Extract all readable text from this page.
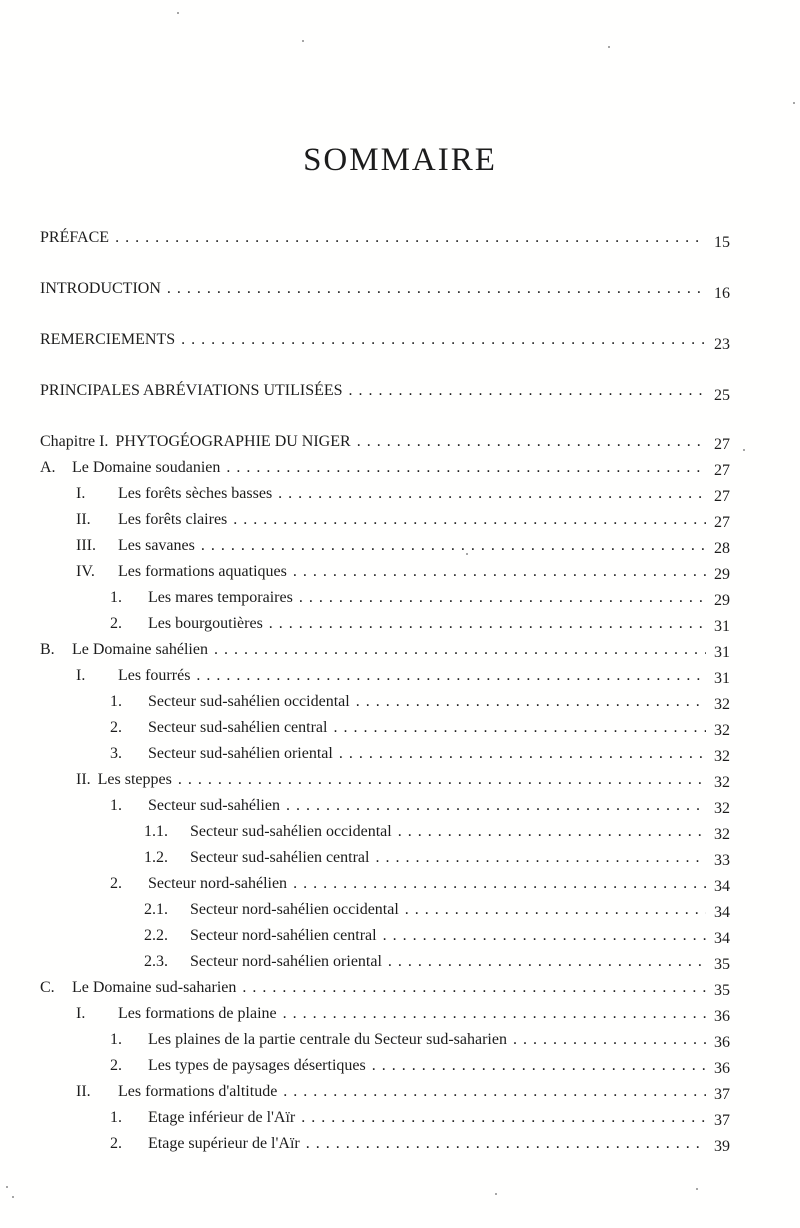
SOMMAIRE
PRÉFACE . . .	15
INTRODUCTION . . .	16
REMERCIEMENTS . . .	23
PRINCIPALES ABRÉVIATIONS UTILISÉES . . .	25
Chapitre I. PHYTOGÉOGRAPHIE DU NIGER . . .	27
A.	Le Domaine soudanien . . .	27
I.	Les forêts sèches basses . . .	27
II.	Les forêts claires . . .	27
III.	Les savanes . . .	28
IV.	Les formations aquatiques . . .	29
1.	Les mares temporaires . . .	29
2.	Les bourgoutières . . .	31
B.	Le Domaine sahélien . . .	31
I.	Les fourrés . . .	31
1.	Secteur sud-sahélien occidental . . .	32
2.	Secteur sud-sahélien central . . .	32
3.	Secteur sud-sahélien oriental . . .	32
II. Les steppes . . .	32
1.	Secteur sud-sahélien . . .	32
1.1.	Secteur sud-sahélien occidental . . .	32
1.2.	Secteur sud-sahélien central . . .	33
2.	Secteur nord-sahélien . . .	34
2.1.	Secteur nord-sahélien occidental . . .	34
2.2.	Secteur nord-sahélien central . . .	34
2.3.	Secteur nord-sahélien oriental . . .	35
C.	Le Domaine sud-saharien . . .	35
I.	Les formations de plaine . . .	36
1.	Les plaines de la partie centrale du Secteur sud-saharien . . .	36
2.	Les types de paysages désertiques . . .	36
II.	Les formations d'altitude . . .	37
1.	Etage inférieur de l'Aïr . . .	37
2.	Etage supérieur de l'Aïr . . .	39
